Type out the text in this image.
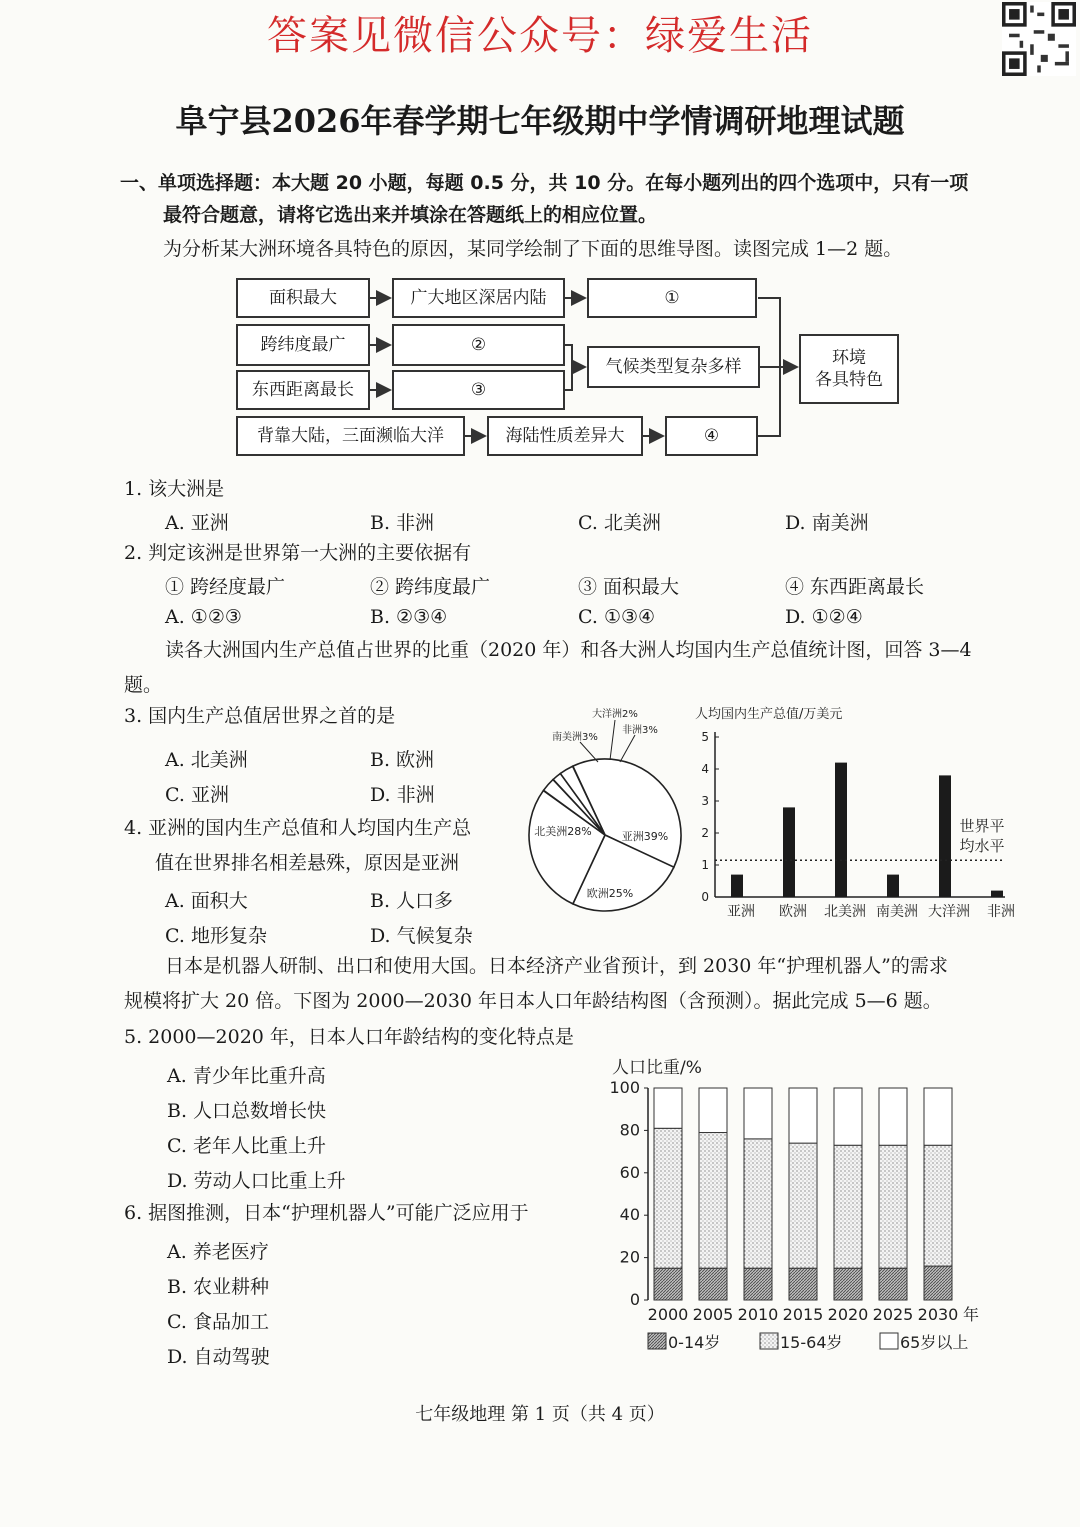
答案见微信公众号：绿爱生活
阜宁县2026年春学期七年级期中学情调研地理试题
一、单项选择题：本大题 20 小题，每题 0.5 分，共 10 分。在每小题列出的四个选项中，只有一项
最符合题意，请将它选出来并填涂在答题纸上的相应位置。
为分析某大洲环境各具特色的原因，某同学绘制了下面的思维导图。读图完成 1—2 题。
面积最大	广大地区深居内陆	①
跨纬度最广	②
东西距离最长	③
气候类型复杂多样
背靠大陆，三面濒临大洋	海陆性质差异大	④
环境
各具特色
1. 该大洲是
A. 亚洲	B. 非洲	C. 北美洲	D. 南美洲
2. 判定该洲是世界第一大洲的主要依据有
① 跨经度最广	② 跨纬度最广	③ 面积最大	④ 东西距离最长
A. ①②③	B. ②③④	C. ①③④	D. ①②④
读各大洲国内生产总值占世界的比重（2020 年）和各大洲人均国内生产总值统计图，回答 3—4
题。
3. 国内生产总值居世界之首的是
A. 北美洲	B. 欧洲
C. 亚洲	D. 非洲
4. 亚洲的国内生产总值和人均国内生产总
值在世界排名相差悬殊，原因是亚洲
A. 面积大	B. 人口多
C. 地形复杂	D. 气候复杂
亚洲39%
欧洲25%
北美洲28%
南美洲3%
大洋洲2%
非洲3%
人均国内生产总值/万美元
0
1
2
3
4
5
亚洲 欧洲 北美洲 南美洲 大洋洲 非洲
世界平
均水平
日本是机器人研制、出口和使用大国。日本经济产业省预计，到 2030 年“护理机器人”的需求
规模将扩大 20 倍。下图为 2000—2030 年日本人口年龄结构图（含预测）。据此完成 5—6 题。
5. 2000—2020 年，日本人口年龄结构的变化特点是
A. 青少年比重升高
B. 人口总数增长快
C. 老年人比重上升
D. 劳动人口比重上升
6. 据图推测，日本“护理机器人”可能广泛应用于
A. 养老医疗
B. 农业耕种
C. 食品加工
D. 自动驾驶
人口比重/%
0
20
40
60
80
100
2000 2005 2010 2015 2020 2025 2030 年
0-14岁	15-64岁	65岁以上
七年级地理 第 1 页（共 4 页）
